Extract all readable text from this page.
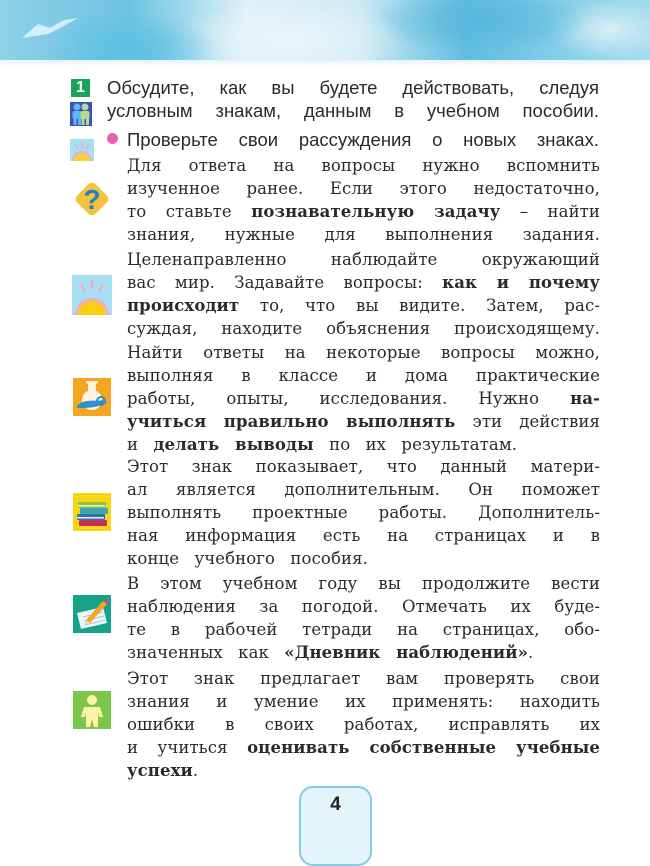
1 Обсудите, как вы будете действовать, следуя
условным знакам, данным в учебном пособии.
Проверьте свои рассуждения о новых знаках.
?
Для ответа на вопросы нужно вспомнить
изученное ранее. Если этого недостаточно,
то ставьте познавательную задачу – найти
знания, нужные для выполнения задания.
Целенаправленно наблюдайте окружающий
вас мир. Задавайте вопросы: как и почему
происходит то, что вы видите. Затем, рас-
суждая, находите объяснения происходящему.
Найти ответы на некоторые вопросы можно,
выполняя в классе и дома практические
работы, опыты, исследования. Нужно на-
учиться правильно выполнять эти действия
и делать выводы по их результатам.
Этот знак показывает, что данный матери-
ал является дополнительным. Он поможет
выполнять проектные работы. Дополнитель-
ная информация есть на страницах и в
конце учебного пособия.
В этом учебном году вы продолжите вести
наблюдения за погодой. Отмечать их буде-
те в рабочей тетради на страницах, обо-
значенных как «Дневник наблюдений».
Этот знак предлагает вам проверять свои
знания и умение их применять: находить
ошибки в своих работах, исправлять их
и учиться оценивать собственные учебные
успехи.
4
